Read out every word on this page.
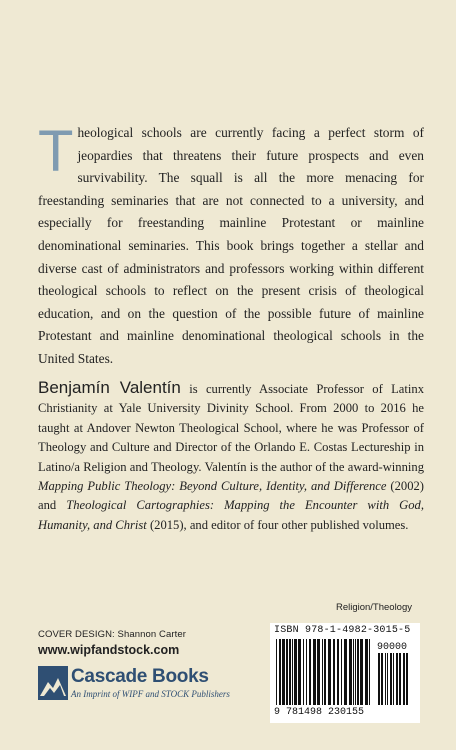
Theological schools are currently facing a perfect storm of jeopardies that threatens their future prospects and even survivability. The squall is all the more menacing for freestanding seminaries that are not connected to a university, and especially for freestanding mainline Protestant or mainline denominational seminaries. This book brings together a stellar and diverse cast of administrators and professors working within different theological schools to reflect on the present crisis of theological education, and on the question of the possible future of mainline Protestant and mainline denominational theological schools in the United States.

Benjamín Valentín is currently Associate Professor of Latinx Christianity at Yale University Divinity School. From 2000 to 2016 he taught at Andover Newton Theological School, where he was Professor of Theology and Culture and Director of the Orlando E. Costas Lectureship in Latino/a Religion and Theology. Valentín is the author of the award-winning Mapping Public Theology: Beyond Culture, Identity, and Difference (2002) and Theological Cartographies: Mapping the Encounter with God, Humanity, and Christ (2015), and editor of four other published volumes.

Religion/Theology
COVER DESIGN: Shannon Carter
www.wipfandstock.com
Cascade Books
An Imprint of WIPF and STOCK Publishers
ISBN 978-1-4982-3015-5
90000
9 781498 230155
